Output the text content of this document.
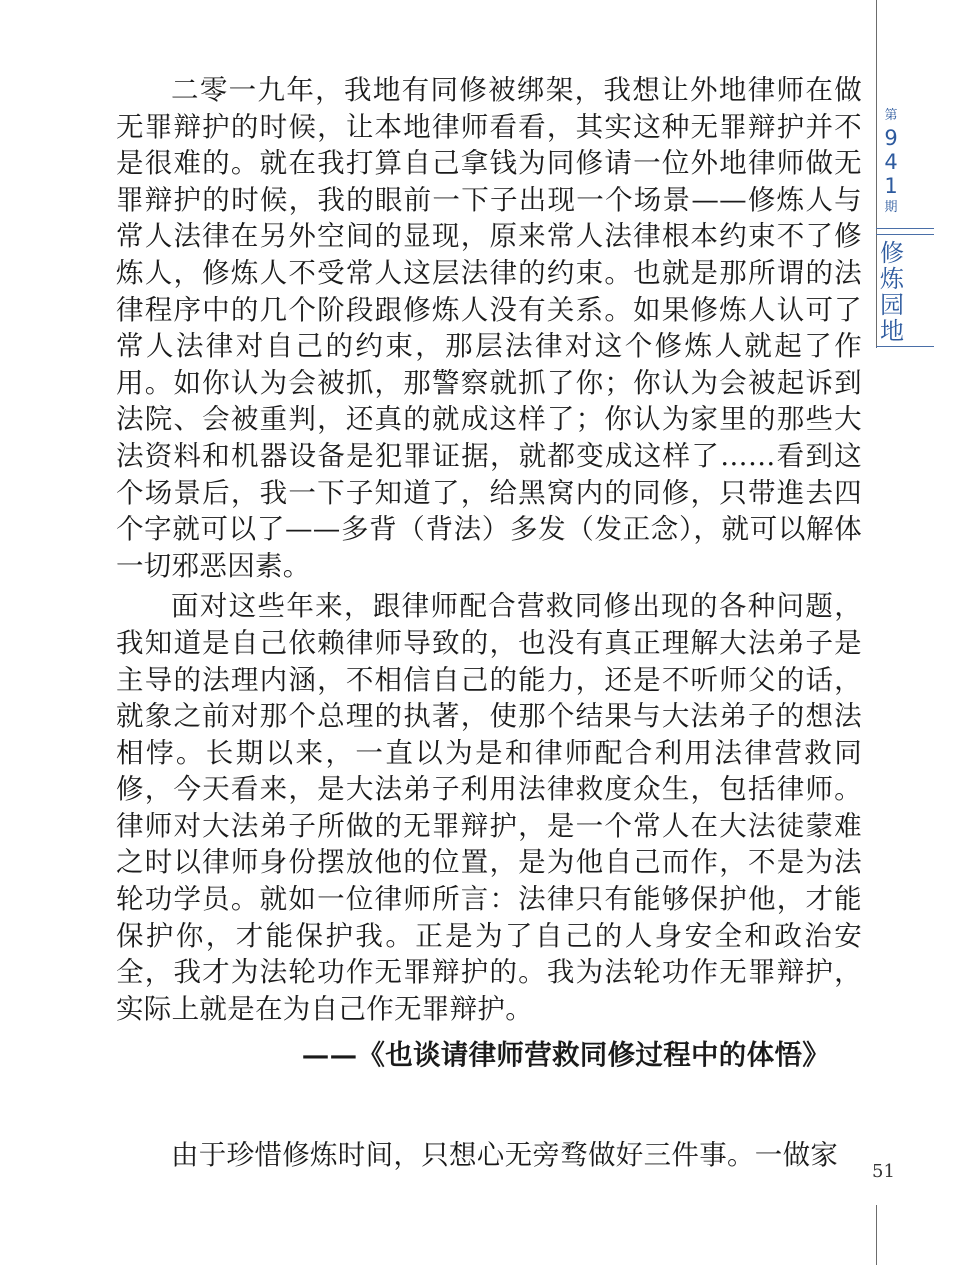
二零一九年，我地有同修被绑架，我想让外地律师在做无罪辩护的时候，让本地律师看看，其实这种无罪辩护并不是很难的。就在我打算自己拿钱为同修请一位外地律师做无罪辩护的时候，我的眼前一下子出现一个场景——修炼人与常人法律在另外空间的显现，原来常人法律根本约束不了修炼人，修炼人不受常人这层法律的约束。也就是那所谓的法律程序中的几个阶段跟修炼人没有关系。如果修炼人认可了常人法律对自己的约束，那层法律对这个修炼人就起了作用。如你认为会被抓，那警察就抓了你；你认为会被起诉到法院、会被重判，还真的就成这样了；你认为家里的那些大法资料和机器设备是犯罪证据，就都变成这样了……看到这个场景后，我一下子知道了，给黑窝内的同修，只带進去四个字就可以了——多背（背法）多发（发正念），就可以解体一切邪恶因素。

面对这些年来，跟律师配合营救同修出现的各种问题，我知道是自己依赖律师导致的，也没有真正理解大法弟子是主导的法理内涵，不相信自己的能力，还是不听师父的话，就象之前对那个总理的执著，使那个结果与大法弟子的想法相悖。长期以来，一直以为是和律师配合利用法律营救同修，今天看来，是大法弟子利用法律救度众生，包括律师。律师对大法弟子所做的无罪辩护，是一个常人在大法徒蒙难之时以律师身份摆放他的位置，是为他自己而作，不是为法轮功学员。就如一位律师所言：法律只有能够保护他，才能保护你，才能保护我。正是为了自己的人身安全和政治安全，我才为法轮功作无罪辩护的。我为法轮功作无罪辩护，实际上就是在为自己作无罪辩护。

——《也谈请律师营救同修过程中的体悟》

由于珍惜修炼时间，只想心无旁骛做好三件事。一做家

第
941
期
修炼园地
51
